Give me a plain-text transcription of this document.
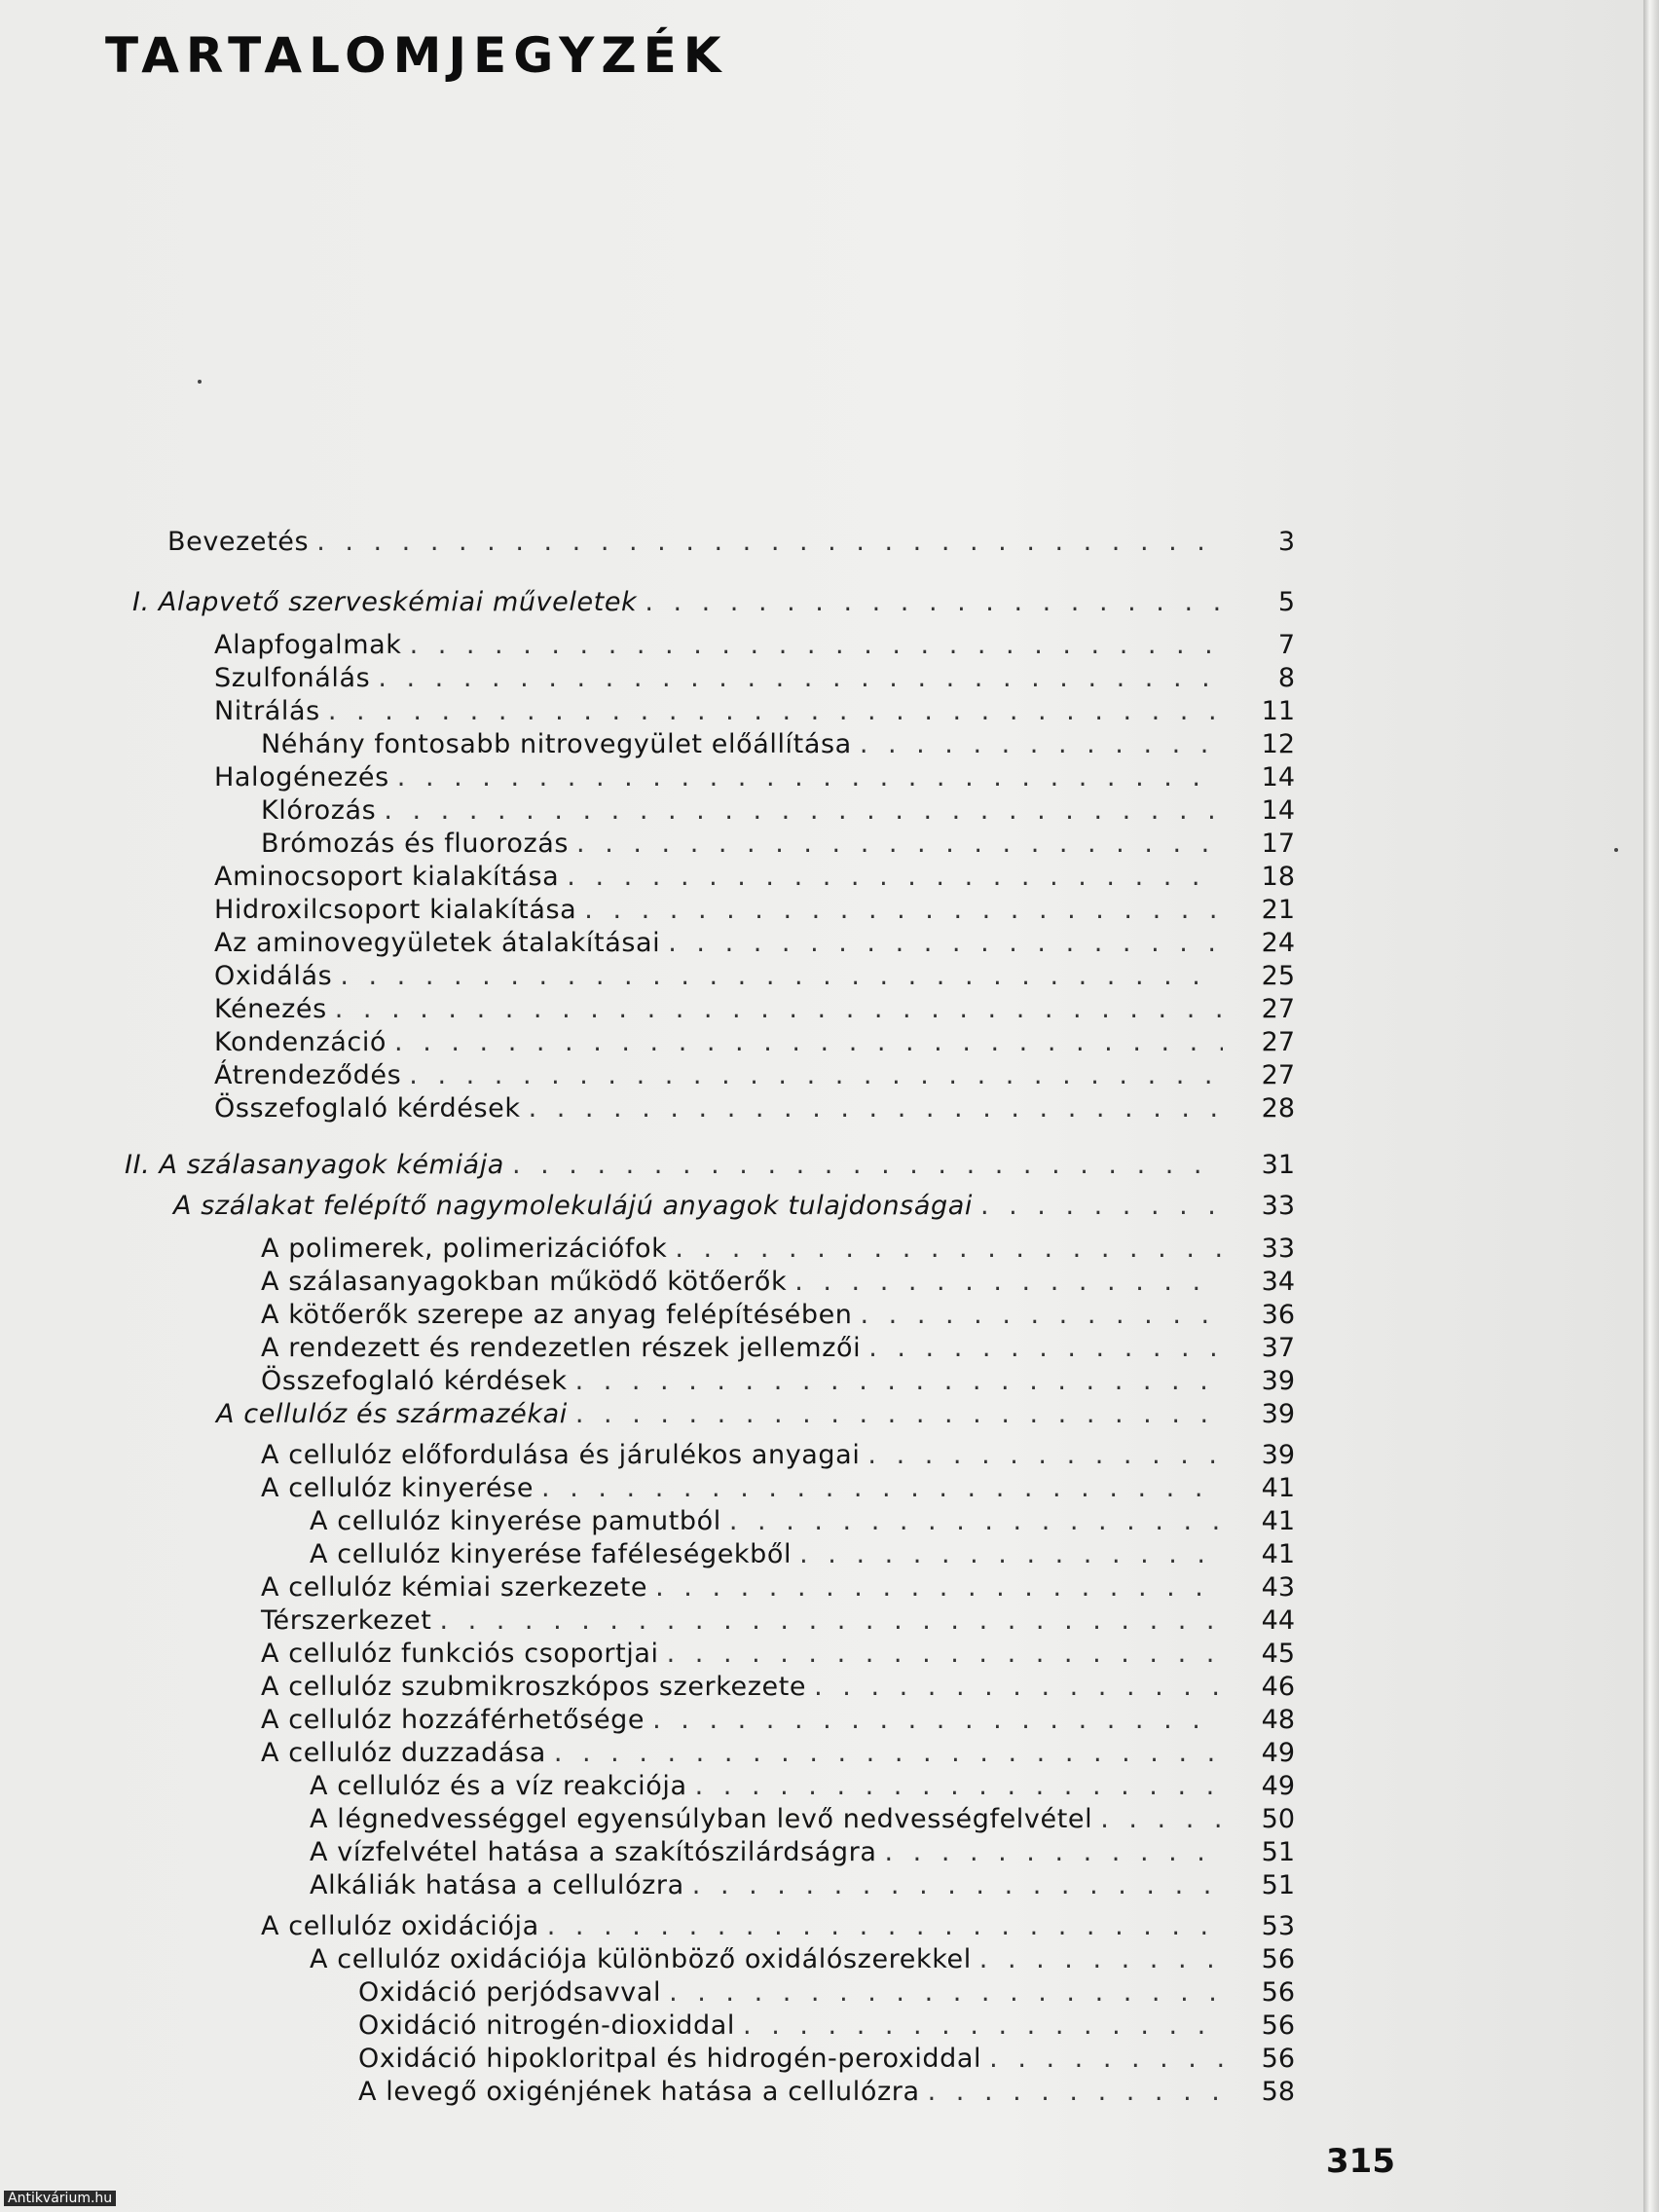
TARTALOMJEGYZÉK
Bevezetés . . .	3
I. Alapvető szerveskémiai műveletek . . .	5
Alapfogalmak . . .	7
Szulfonálás . . .	8
Nitrálás . . .	11
Néhány fontosabb nitrovegyület előállítása . . .	12
Halogénezés . . .	14
Klórozás . . .	14
Brómozás és fluorozás . . .	17
Aminocsoport kialakítása . . .	18
Hidroxilcsoport kialakítása . . .	21
Az aminovegyületek átalakításai . . .	24
Oxidálás . . .	25
Kénezés . . .	27
Kondenzáció . . .	27
Átrendeződés . . .	27
Összefoglaló kérdések . . .	28
II. A szálasanyagok kémiája . . .	31
A szálakat felépítő nagymolekulájú anyagok tulajdonságai . . .	33
A polimerek, polimerizációfok . . .	33
A szálasanyagokban működő kötőerők . . .	34
A kötőerők szerepe az anyag felépítésében . . .	36
A rendezett és rendezetlen részek jellemzői . . .	37
Összefoglaló kérdések . . .	39
A cellulóz és származékai . . .	39
A cellulóz előfordulása és járulékos anyagai . . .	39
A cellulóz kinyerése . . .	41
A cellulóz kinyerése pamutból . . .	41
A cellulóz kinyerése faféleségekből . . .	41
A cellulóz kémiai szerkezete . . .	43
Térszerkezet . . .	44
A cellulóz funkciós csoportjai . . .	45
A cellulóz szubmikroszkópos szerkezete . . .	46
A cellulóz hozzáférhetősége . . .	48
A cellulóz duzzadása . . .	49
A cellulóz és a víz reakciója . . .	49
A légnedvességgel egyensúlyban levő nedvességfelvétel . . .	50
A vízfelvétel hatása a szakítószilárdságra . . .	51
Alkáliák hatása a cellulózra . . .	51
A cellulóz oxidációja . . .	53
A cellulóz oxidációja különböző oxidálószerekkel . . .	56
Oxidáció perjódsavval . . .	56
Oxidáció nitrogén-dioxiddal . . .	56
Oxidáció hipokloritpal és hidrogén-peroxiddal . . .	56
A levegő oxigénjének hatása a cellulózra . . .	58
315
Antikvárium.hu
